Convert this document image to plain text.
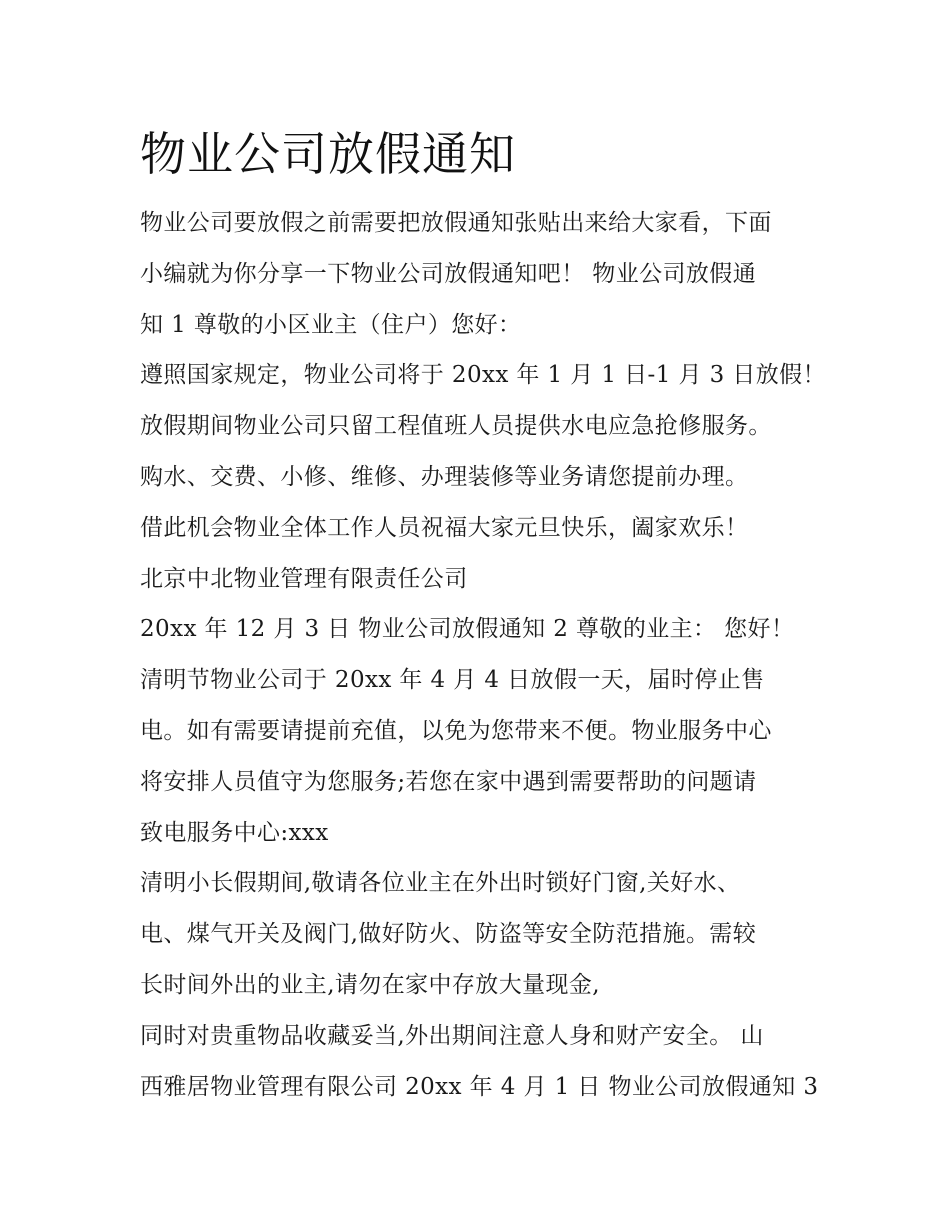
物业公司放假通知
物业公司要放假之前需要把放假通知张贴出来给大家看，下面
小编就为你分享一下物业公司放假通知吧！ 物业公司放假通
知 1 尊敬的小区业主（住户）您好：
遵照国家规定，物业公司将于 20xx 年 1 月 1 日-1 月 3 日放假！
放假期间物业公司只留工程值班人员提供水电应急抢修服务。
购水、交费、小修、维修、办理装修等业务请您提前办理。
借此机会物业全体工作人员祝福大家元旦快乐，阖家欢乐！
北京中北物业管理有限责任公司
20xx 年 12 月 3 日 物业公司放假通知 2 尊敬的业主： 您好！
清明节物业公司于 20xx 年 4 月 4 日放假一天，届时停止售
电。如有需要请提前充值，以免为您带来不便。物业服务中心
将安排人员值守为您服务;若您在家中遇到需要帮助的问题请
致电服务中心:xxx
清明小长假期间,敬请各位业主在外出时锁好门窗,关好水、
电、煤气开关及阀门,做好防火、防盗等安全防范措施。需较
长时间外出的业主,请勿在家中存放大量现金,
同时对贵重物品收藏妥当,外出期间注意人身和财产安全。 山
西雅居物业管理有限公司 20xx 年 4 月 1 日 物业公司放假通知 3
